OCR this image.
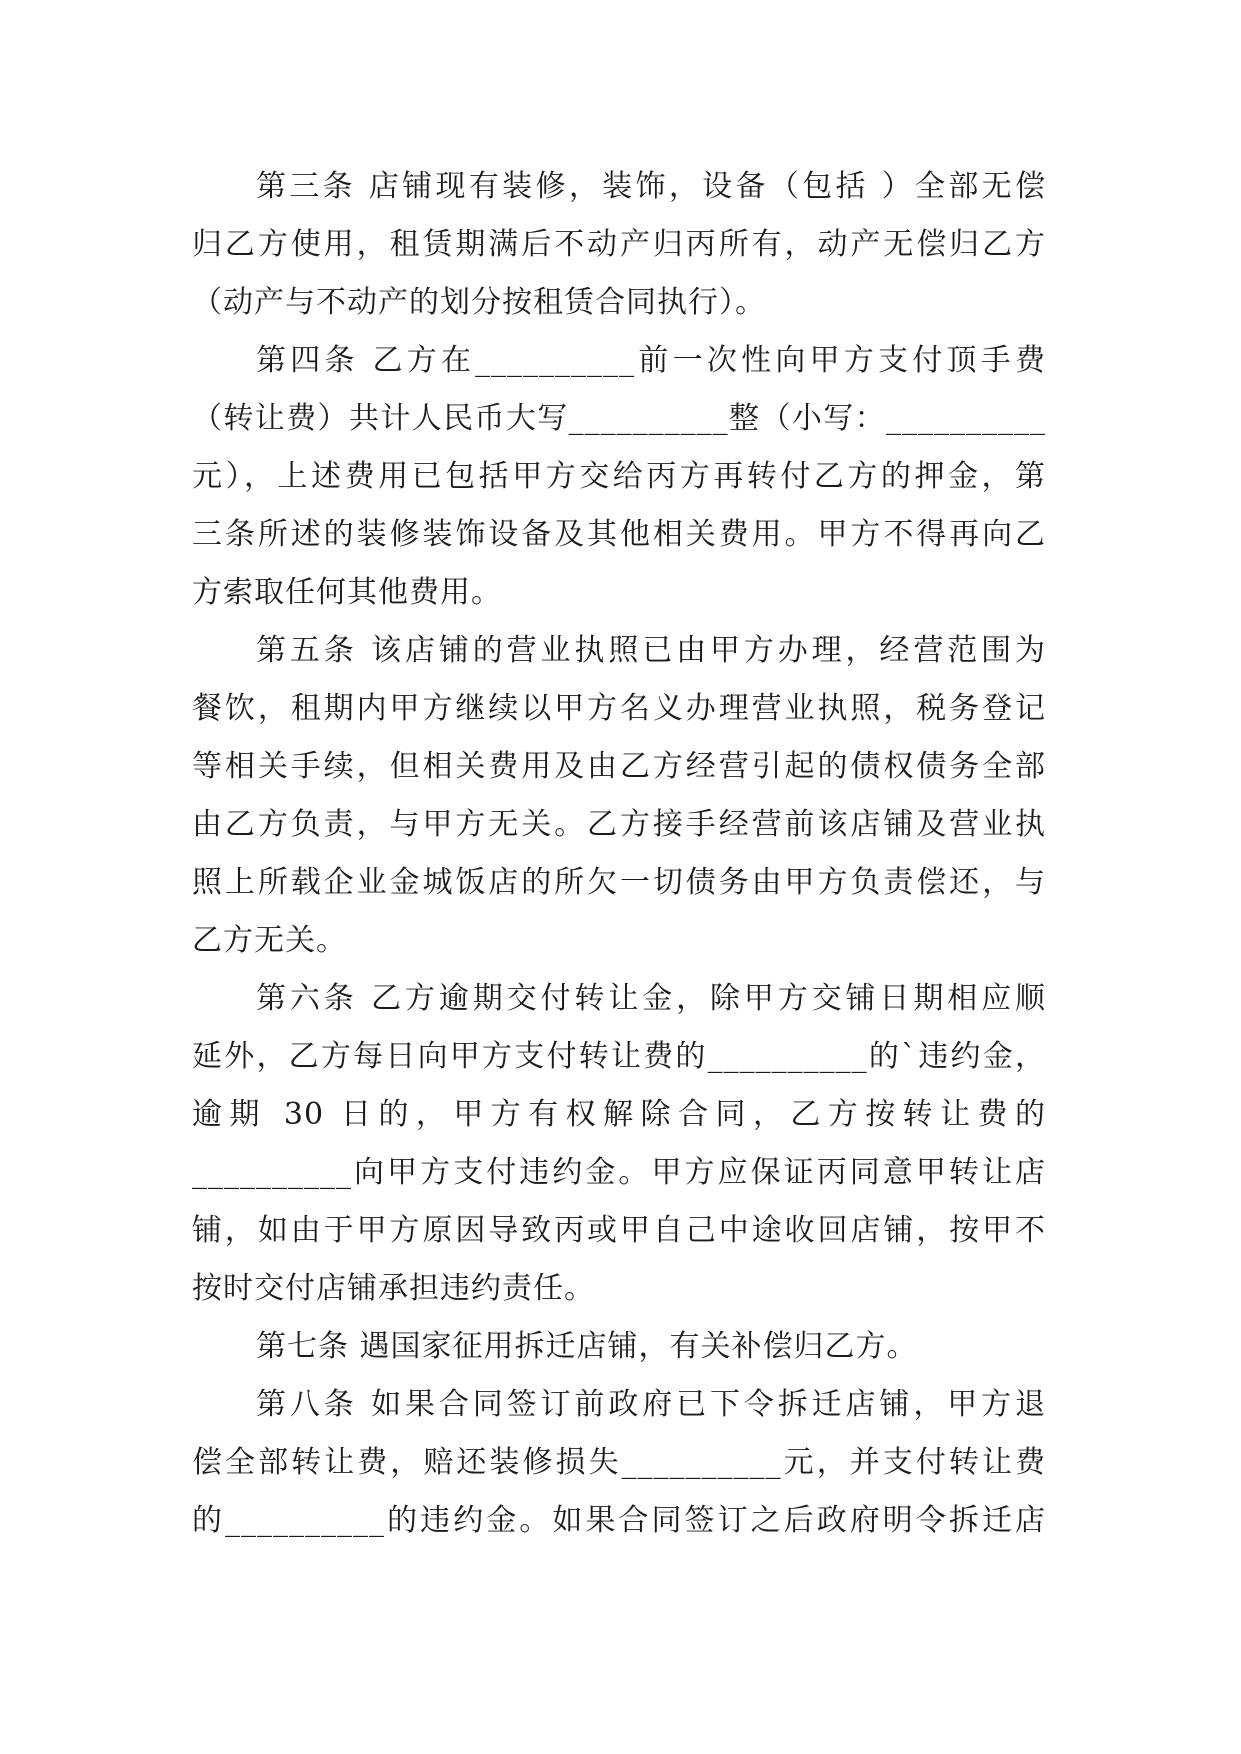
第三条 店铺现有装修，装饰，设备（包括 ）全部无偿
归乙方使用，租赁期满后不动产归丙所有，动产无偿归乙方
（动产与不动产的划分按租赁合同执行）。
第四条 乙方在__________前一次性向甲方支付顶手费
（转让费）共计人民币大写__________整（小写：__________
元），上述费用已包括甲方交给丙方再转付乙方的押金，第
三条所述的装修装饰设备及其他相关费用。甲方不得再向乙
方索取任何其他费用。
第五条 该店铺的营业执照已由甲方办理，经营范围为
餐饮，租期内甲方继续以甲方名义办理营业执照，税务登记
等相关手续，但相关费用及由乙方经营引起的债权债务全部
由乙方负责，与甲方无关。乙方接手经营前该店铺及营业执
照上所载企业金城饭店的所欠一切债务由甲方负责偿还，与
乙方无关。
第六条 乙方逾期交付转让金，除甲方交铺日期相应顺
延外，乙方每日向甲方支付转让费的__________的`违约金，
逾期 30 日的，甲方有权解除合同，乙方按转让费的
__________向甲方支付违约金。甲方应保证丙同意甲转让店
铺，如由于甲方原因导致丙或甲自己中途收回店铺，按甲不
按时交付店铺承担违约责任。
第七条 遇国家征用拆迁店铺，有关补偿归乙方。
第八条 如果合同签订前政府已下令拆迁店铺，甲方退
偿全部转让费，赔还装修损失__________元，并支付转让费
的__________的违约金。如果合同签订之后政府明令拆迁店
